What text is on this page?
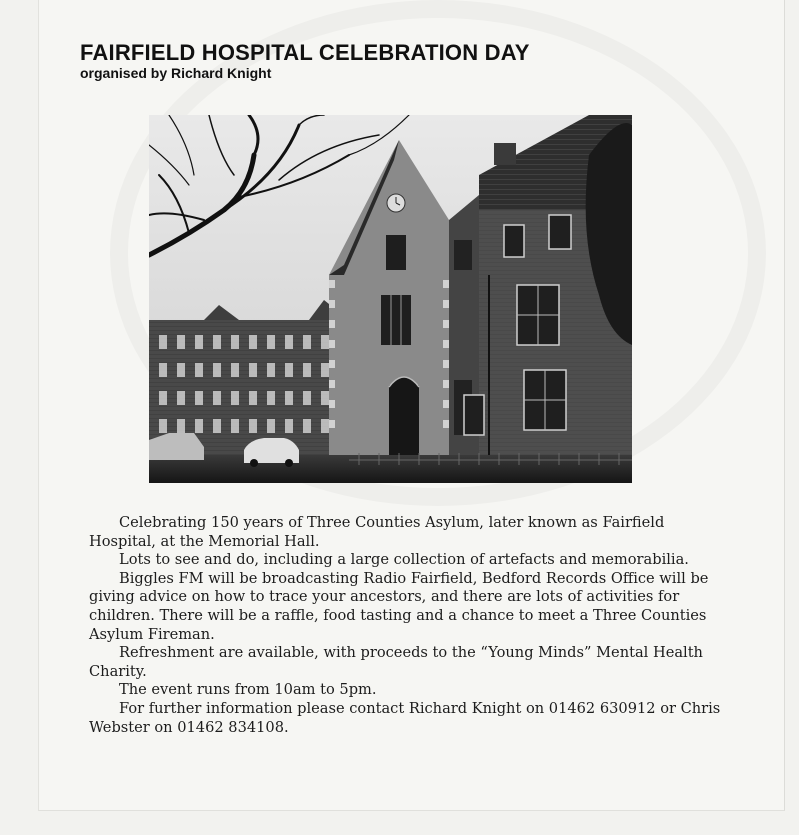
FAIRFIELD HOSPITAL CELEBRATION DAY
organised by Richard Knight

Celebrating 150 years of Three Counties Asylum, later known as Fairfield Hospital, at the Memorial Hall.

Lots to see and do, including a large collection of artefacts and memorabilia.

Biggles FM will be broadcasting Radio Fairfield, Bedford Records Office will be giving advice on how to trace your ancestors, and there are lots of activities for children. There will be a raffle, food tasting and a chance to meet a Three Counties Asylum Fireman.

Refreshment are available, with proceeds to the “Young Minds” Mental Health Charity.

The event runs from 10am to 5pm.

For further information please contact Richard Knight on 01462 630912 or Chris Webster on 01462 834108.
